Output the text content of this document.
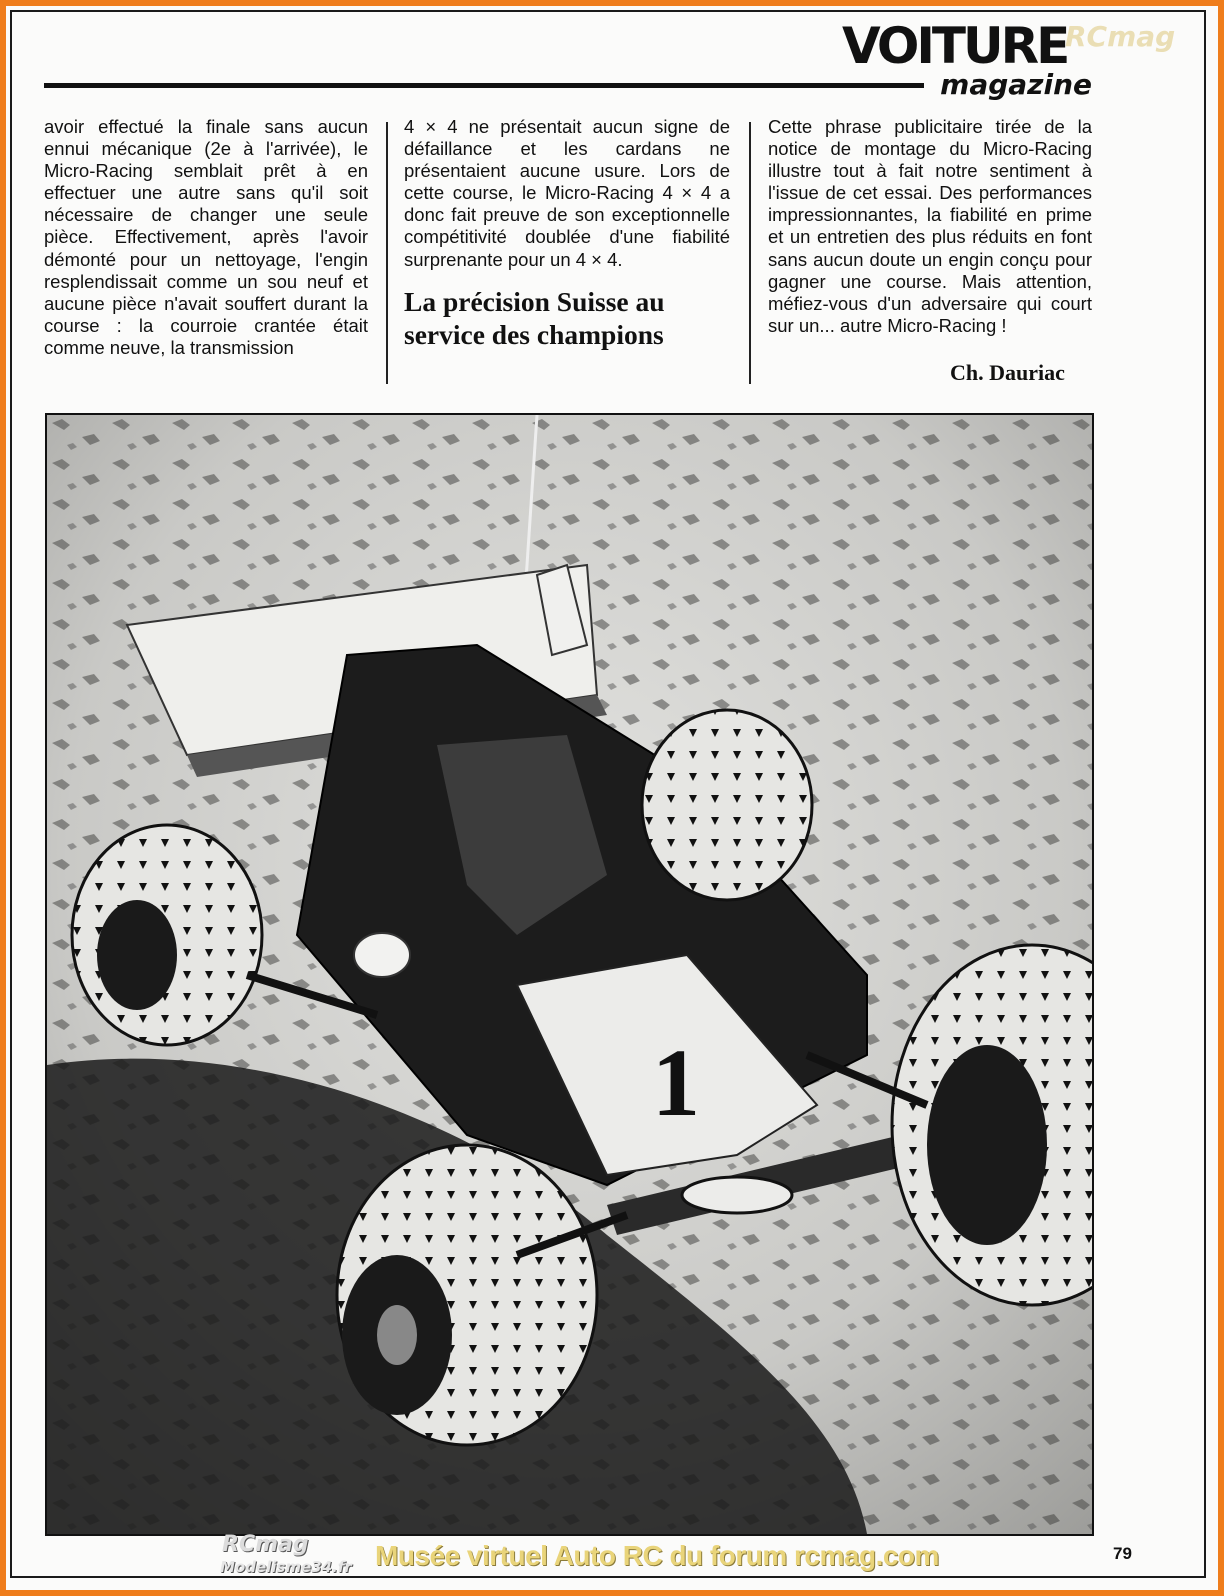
VOITURE
magazine
RCmag

avoir effectué la finale sans aucun ennui mécanique (2e à l'arrivée), le Micro-Racing semblait prêt à en effectuer une autre sans qu'il soit nécessaire de changer une seule pièce. Effectivement, après l'avoir démonté pour un nettoyage, l'engin resplendissait comme un sou neuf et aucune pièce n'avait souffert durant la course : la courroie crantée était comme neuve, la transmission

4 × 4 ne présentait aucun signe de défaillance et les cardans ne présentaient aucune usure. Lors de cette course, le Micro-Racing 4 × 4 a donc fait preuve de son exceptionnelle compétitivité doublée d'une fiabilité surprenante pour un 4 × 4.

La précision Suisse au service des champions

Cette phrase publicitaire tirée de la notice de montage du Micro-Racing illustre tout à fait notre sentiment à l'issue de cet essai. Des performances impressionnantes, la fiabilité en prime et un entretien des plus réduits en font sans aucun doute un engin conçu pour gagner une course. Mais attention, méfiez-vous d'un adversaire qui court sur un... autre Micro-Racing !

Ch. Dauriac
1
RCmag
Modelisme34.fr Musée virtuel Auto RC du forum rcmag.com	79
